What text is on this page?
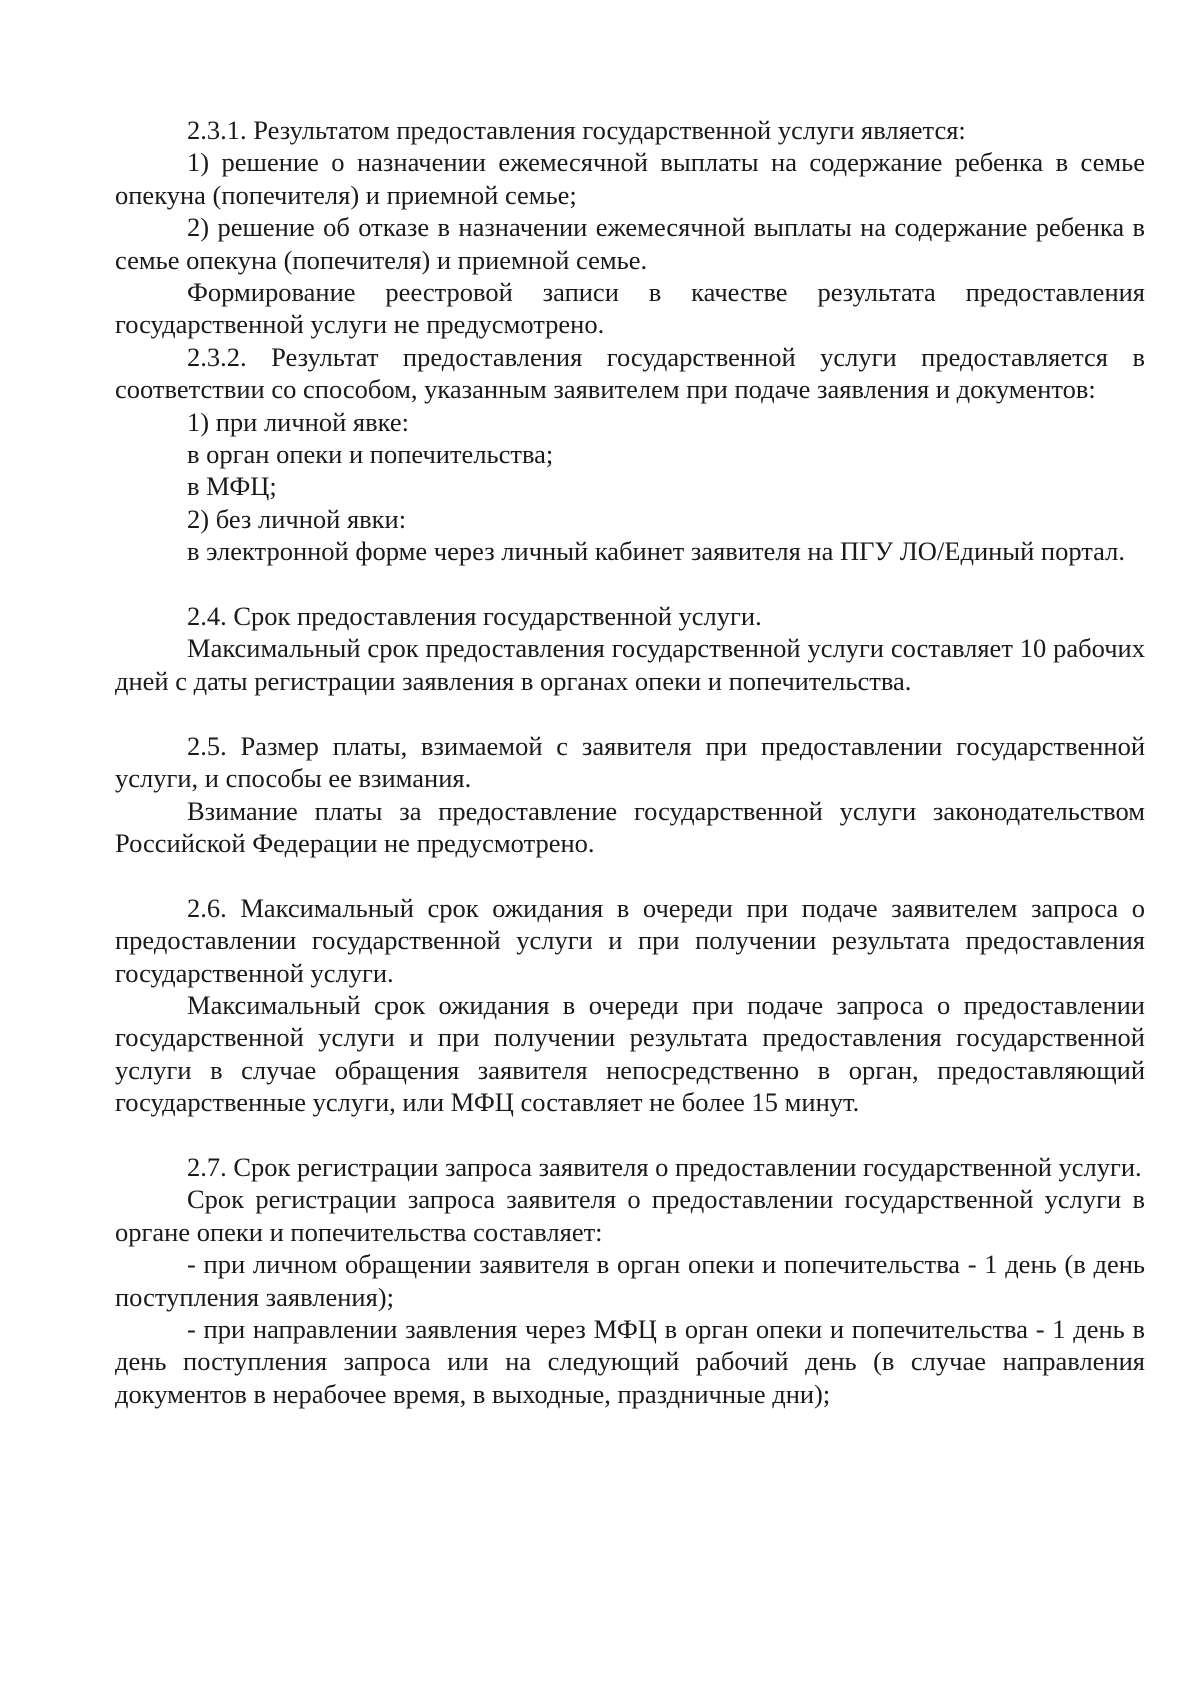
2.3.1. Результатом предоставления государственной услуги является:

1) решение о назначении ежемесячной выплаты на содержание ребенка в семье опекуна (попечителя) и приемной семье;

2) решение об отказе в назначении ежемесячной выплаты на содержание ребенка в семье опекуна (попечителя) и приемной семье.

Формирование реестровой записи в качестве результата предоставления государственной услуги не предусмотрено.

2.3.2. Результат предоставления государственной услуги предоставляется в соответствии со способом, указанным заявителем при подаче заявления и документов:

1) при личной явке:

в орган опеки и попечительства;

в МФЦ;

2) без личной явки:

в электронной форме через личный кабинет заявителя на ПГУ ЛО/Единый портал.

2.4. Срок предоставления государственной услуги.

Максимальный срок предоставления государственной услуги составляет 10 рабочих дней с даты регистрации заявления в органах опеки и попечительства.

2.5. Размер платы, взимаемой с заявителя при предоставлении государственной услуги, и способы ее взимания.

Взимание платы за предоставление государственной услуги законодательством Российской Федерации не предусмотрено.

2.6. Максимальный срок ожидания в очереди при подаче заявителем запроса о предоставлении государственной услуги и при получении результата предоставления государственной услуги.

Максимальный срок ожидания в очереди при подаче запроса о предоставлении государственной услуги и при получении результата предоставления государственной услуги в случае обращения заявителя непосредственно в орган, предоставляющий государственные услуги, или МФЦ составляет не более 15 минут.

2.7. Срок регистрации запроса заявителя о предоставлении государственной услуги.

Срок регистрации запроса заявителя о предоставлении государственной услуги в органе опеки и попечительства составляет:

- при личном обращении заявителя в орган опеки и попечительства - 1 день (в день поступления заявления);

- при направлении заявления через МФЦ в орган опеки и попечительства - 1 день в день поступления запроса или на следующий рабочий день (в случае направления документов в нерабочее время, в выходные, праздничные дни);
